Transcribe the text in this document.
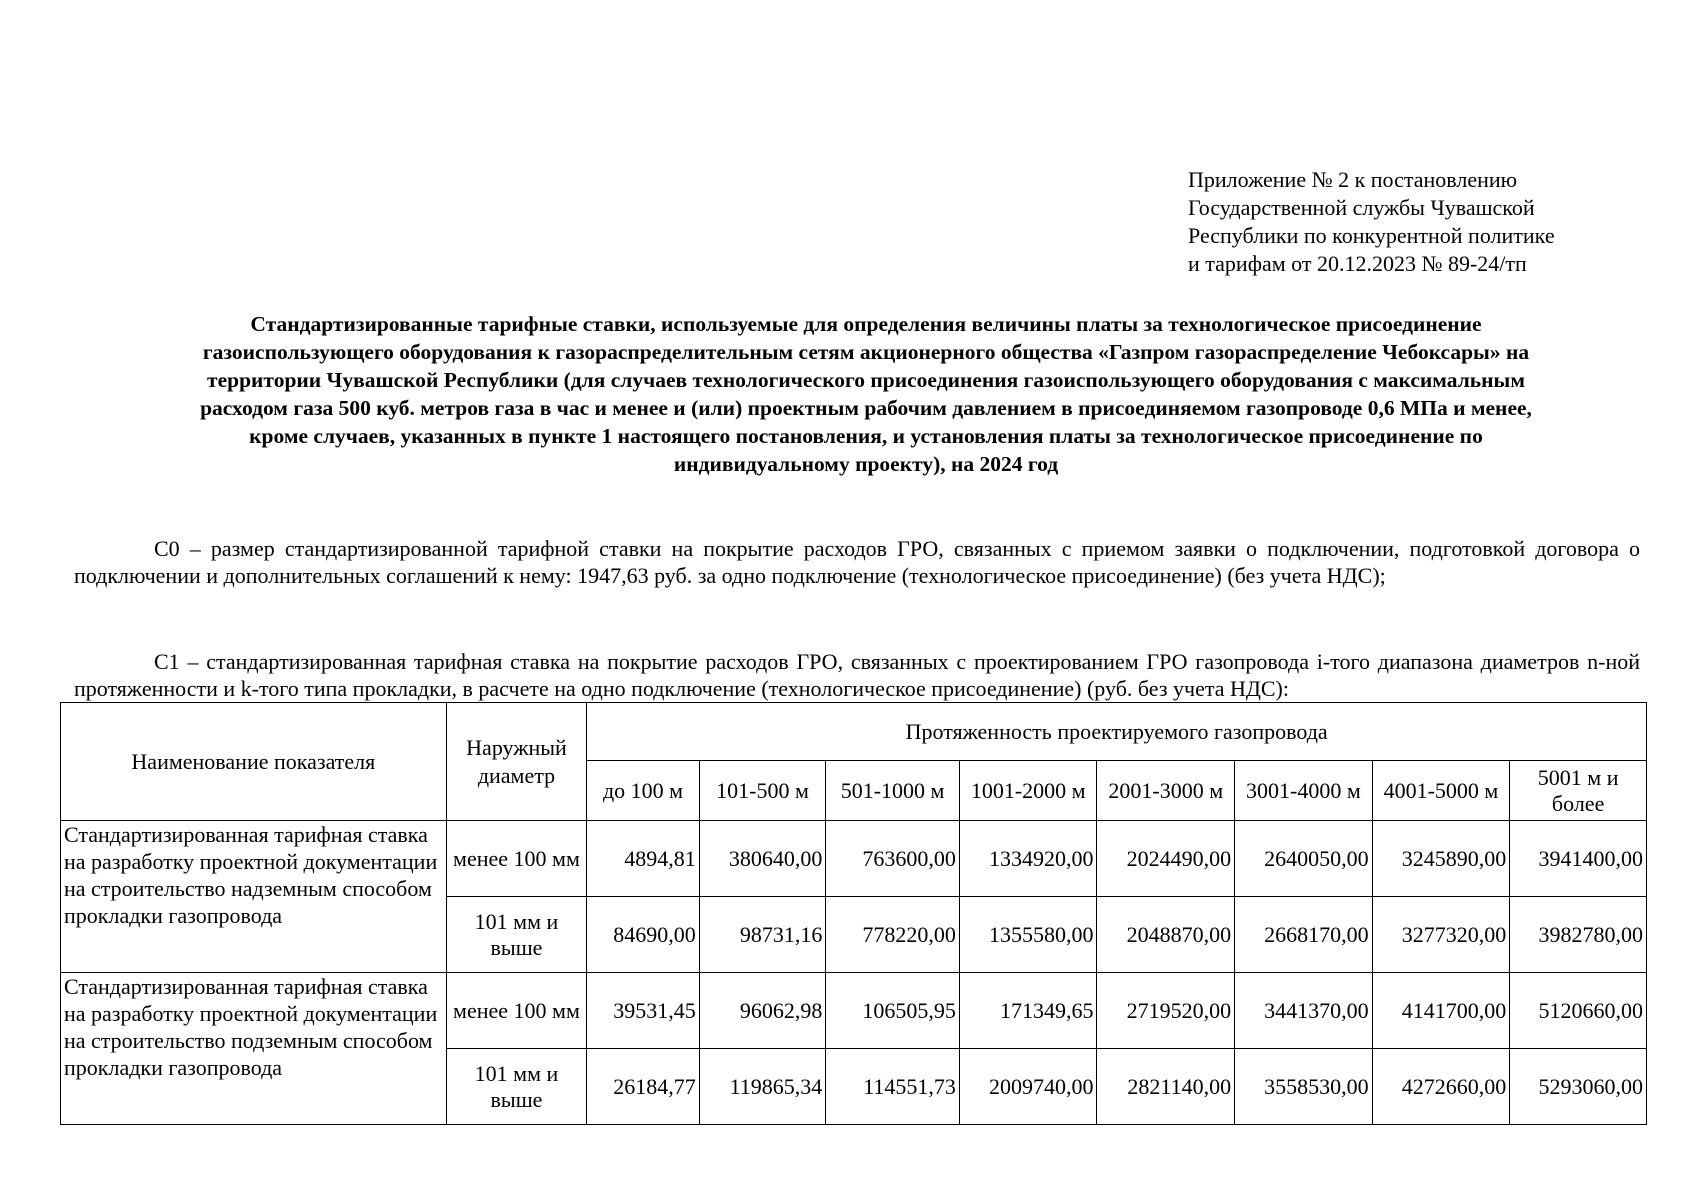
Приложение № 2 к постановлению
Государственной службы Чувашской
Республики по конкурентной политике
и тарифам от 20.12.2023 № 89-24/тп
Стандартизированные тарифные ставки, используемые для определения величины платы за технологическое присоединение
газоиспользующего оборудования к газораспределительным сетям акционерного общества «Газпром газораспределение Чебоксары» на
территории Чувашской Республики (для случаев технологического присоединения газоиспользующего оборудования с максимальным
расходом газа 500 куб. метров газа в час и менее и (или) проектным рабочим давлением в присоединяемом газопроводе 0,6 МПа и менее,
кроме случаев, указанных в пункте 1 настоящего постановления, и установления платы за технологическое присоединение по
индивидуальному проекту), на 2024 год
С0 – размер стандартизированной тарифной ставки на покрытие расходов ГРО, связанных с приемом заявки о подключении, подготовкой договора о подключении и дополнительных соглашений к нему: 1947,63 руб. за одно подключение (технологическое присоединение) (без учета НДС);
С1 – стандартизированная тарифная ставка на покрытие расходов ГРО, связанных с проектированием ГРО газопровода i-того диапазона диаметров n-ной протяженности и k-того типа прокладки, в расчете на одно подключение (технологическое присоединение) (руб. без учета НДС):
Наименование показателя	Наружный диаметр	Протяженность проектируемого газопровода							
		до 100 м	101-500 м	501-1000 м	1001-2000 м	2001-3000 м	3001-4000 м	4001-5000 м	5001 м и более
Стандартизированная тарифная ставка на разработку проектной документации на строительство надземным способом прокладки газопровода	менее 100 мм	4894,81	380640,00	763600,00	1334920,00	2024490,00	2640050,00	3245890,00	3941400,00
	101 мм и выше	84690,00	98731,16	778220,00	1355580,00	2048870,00	2668170,00	3277320,00	3982780,00
Стандартизированная тарифная ставка на разработку проектной документации на строительство подземным способом прокладки газопровода	менее 100 мм	39531,45	96062,98	106505,95	171349,65	2719520,00	3441370,00	4141700,00	5120660,00
	101 мм и выше	26184,77	119865,34	114551,73	2009740,00	2821140,00	3558530,00	4272660,00	5293060,00
